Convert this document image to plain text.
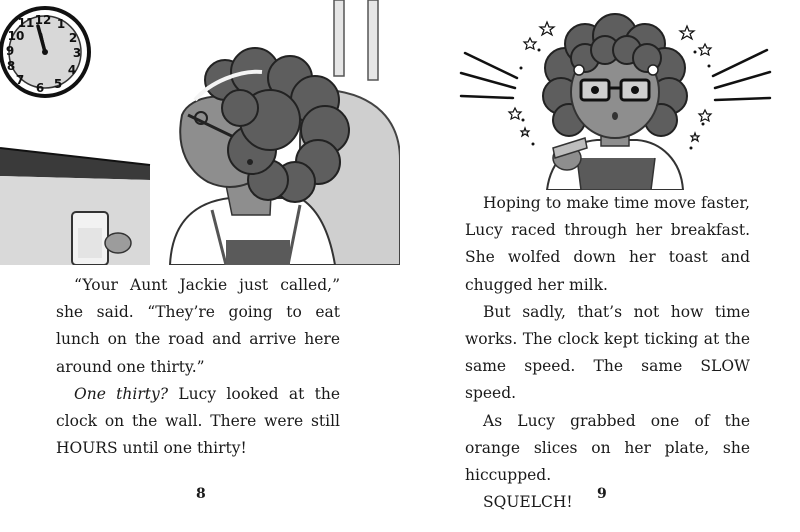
12 1
2
3
4
5
6
7
8
9
10
11

“Your Aunt Jackie just called,” she said. “They’re going to eat lunch on the road and arrive here around one thirty.”

One thirty? Lucy looked at the clock on the wall. There were still HOURS until one thirty!

8

Hoping to make time move faster, Lucy raced through her breakfast. She wolfed down her toast and chugged her milk.

But sadly, that’s not how time works. The clock kept ticking at the same speed. The same SLOW speed.

As Lucy grabbed one of the orange slices on her plate, she hiccupped.

SQUELCH!	9
